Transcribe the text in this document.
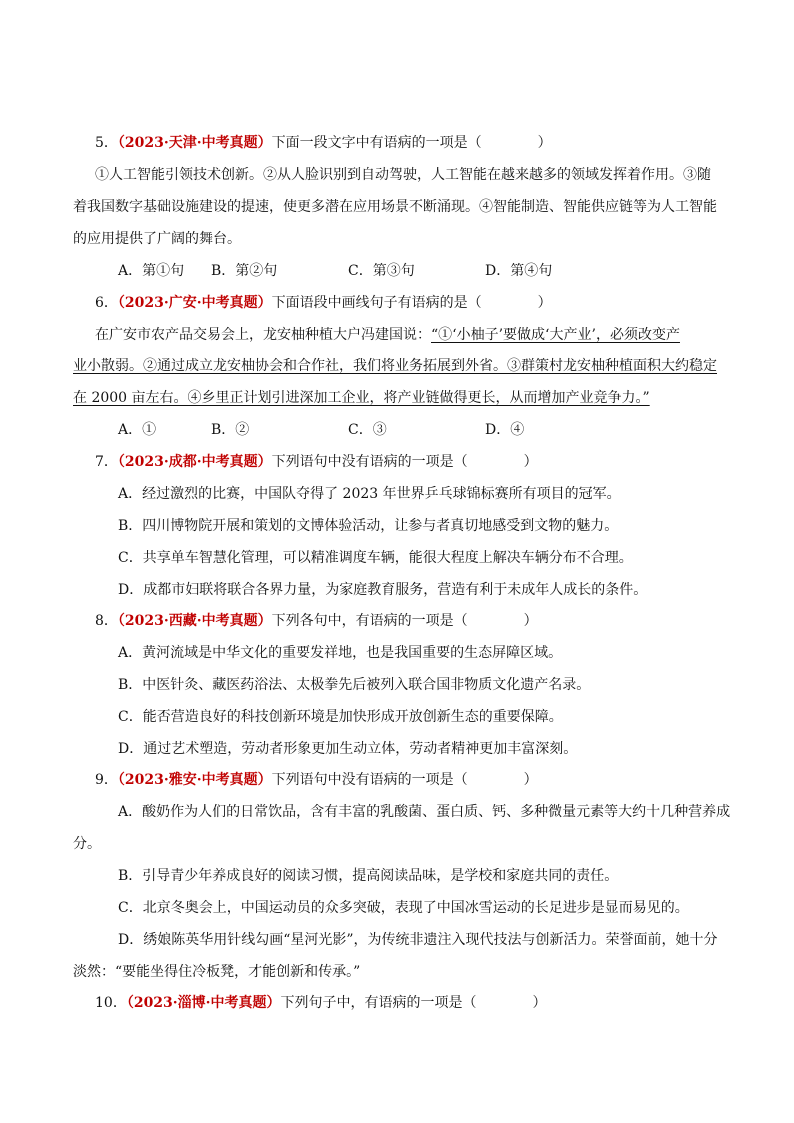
5．（2023·天津·中考真题）下面一段文字中有语病的一项是（　　　　）
①人工智能引领技术创新。②从人脸识别到自动驾驶，人工智能在越来越多的领域发挥着作用。③随
着我国数字基础设施建设的提速，使更多潜在应用场景不断涌现。④智能制造、智能供应链等为人工智能
的应用提供了广阔的舞台。
A．第①句 B．第②句	C．第③句	D．第④句
6．（2023·广安·中考真题）下面语段中画线句子有语病的是（　　　　）
在广安市农产品交易会上，龙安柚种植大户冯建国说：“①‘小柚子’要做成‘大产业’，必须改变产
业小散弱。②通过成立龙安柚协会和合作社，我们将业务拓展到外省。③群策村龙安柚种植面积大约稳定
在 2000 亩左右。④乡里正计划引进深加工企业，将产业链做得更长，从而增加产业竞争力。”
A．①	B．②	C．③	D．④
7．（2023·成都·中考真题）下列语句中没有语病的一项是（　　　　）
A．经过激烈的比赛，中国队夺得了 2023 年世界乒乓球锦标赛所有项目的冠军。
B．四川博物院开展和策划的文博体验活动，让参与者真切地感受到文物的魅力。
C．共享单车智慧化管理，可以精准调度车辆，能很大程度上解决车辆分布不合理。
D．成都市妇联将联合各界力量，为家庭教育服务，营造有利于未成年人成长的条件。
8．（2023·西藏·中考真题）下列各句中，有语病的一项是（　　　　）
A．黄河流域是中华文化的重要发祥地，也是我国重要的生态屏障区域。
B．中医针灸、藏医药浴法、太极拳先后被列入联合国非物质文化遗产名录。
C．能否营造良好的科技创新环境是加快形成开放创新生态的重要保障。
D．通过艺术塑造，劳动者形象更加生动立体，劳动者精神更加丰富深刻。
9．（2023·雅安·中考真题）下列语句中没有语病的一项是（　　　　）
A．酸奶作为人们的日常饮品，含有丰富的乳酸菌、蛋白质、钙、多种微量元素等大约十几种营养成
分。
B．引导青少年养成良好的阅读习惯，提高阅读品味，是学校和家庭共同的责任。
C．北京冬奥会上，中国运动员的众多突破，表现了中国冰雪运动的长足进步是显而易见的。
D．绣娘陈英华用针线勾画“星河光影”，为传统非遗注入现代技法与创新活力。荣誉面前，她十分
淡然：“要能坐得住冷板凳，才能创新和传承。”
10．（2023·淄博·中考真题）下列句子中，有语病的一项是（　　　　）
